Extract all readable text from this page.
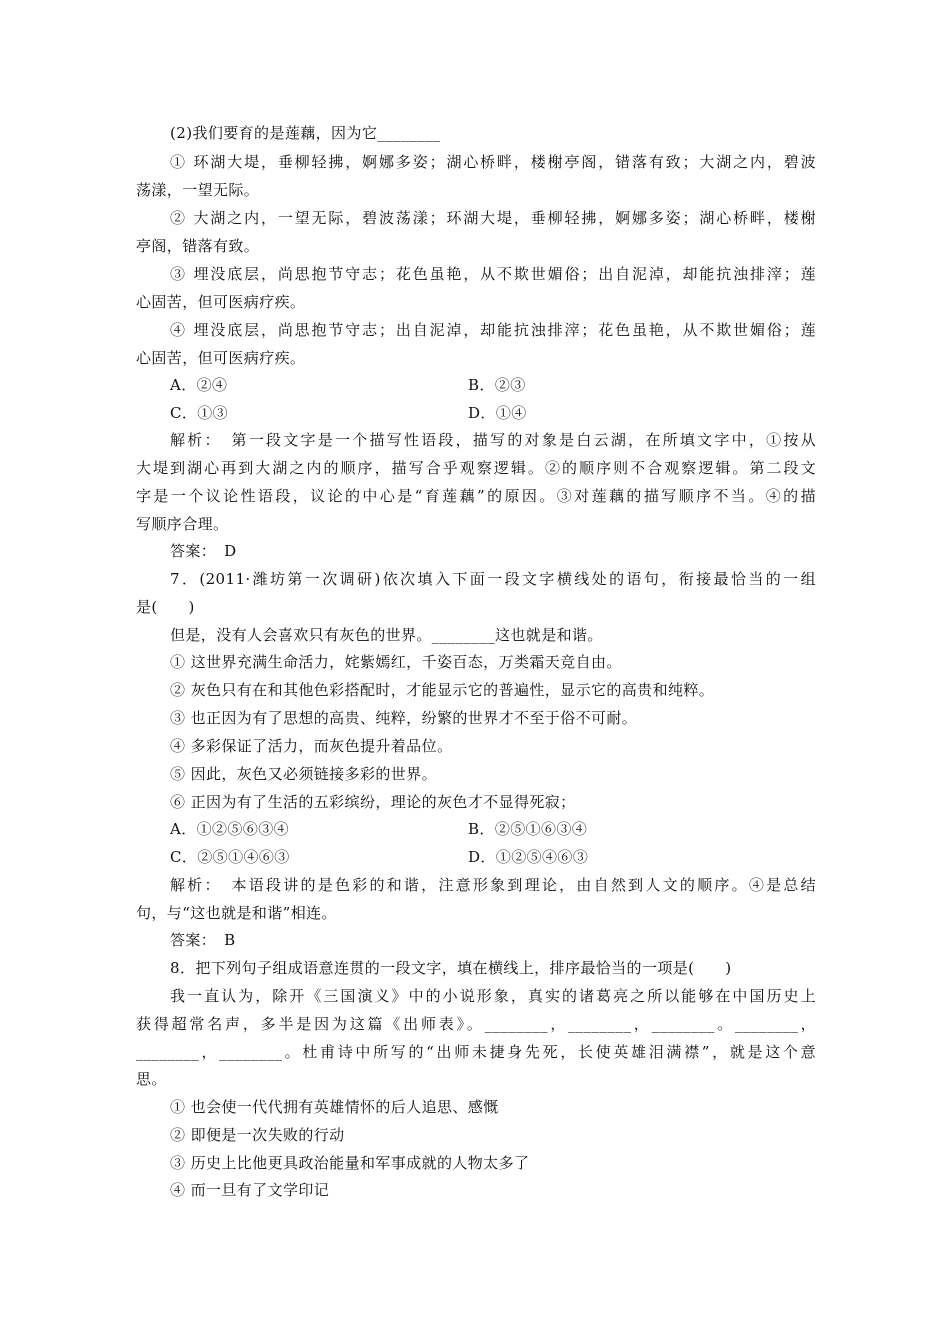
(2)我们要育的是莲藕，因为它________
① 环湖大堤，垂柳轻拂，婀娜多姿；湖心桥畔，楼榭亭阁，错落有致；大湖之内，碧波
荡漾，一望无际。
② 大湖之内，一望无际，碧波荡漾；环湖大堤，垂柳轻拂，婀娜多姿；湖心桥畔，楼榭
亭阁，错落有致。
③ 埋没底层，尚思抱节守志；花色虽艳，从不欺世媚俗；出自泥淖，却能抗浊排滓；莲
心固苦，但可医病疗疾。
④ 埋没底层，尚思抱节守志；出自泥淖，却能抗浊排滓；花色虽艳，从不欺世媚俗；莲
心固苦，但可医病疗疾。
A．②④	B．②③
C．①③	D．①④
解析：　第一段文字是一个描写性语段，描写的对象是白云湖，在所填文字中，①按从
大堤到湖心再到大湖之内的顺序，描写合乎观察逻辑。②的顺序则不合观察逻辑。第二段文
字是一个议论性语段，议论的中心是“育莲藕”的原因。③对莲藕的描写顺序不当。④的描
写顺序合理。
答案：　D
7．(2011·潍坊第一次调研)依次填入下面一段文字横线处的语句，衔接最恰当的一组
是(　　)
但是，没有人会喜欢只有灰色的世界。________这也就是和谐。
① 这世界充满生命活力，姹紫嫣红，千姿百态，万类霜天竞自由。
② 灰色只有在和其他色彩搭配时，才能显示它的普遍性，显示它的高贵和纯粹。
③ 也正因为有了思想的高贵、纯粹，纷繁的世界才不至于俗不可耐。
④ 多彩保证了活力，而灰色提升着品位。
⑤ 因此，灰色又必须链接多彩的世界。
⑥ 正因为有了生活的五彩缤纷，理论的灰色才不显得死寂；
A．①②⑤⑥③④	B．②⑤①⑥③④
C．②⑤①④⑥③	D．①②⑤④⑥③
解析：　本语段讲的是色彩的和谐，注意形象到理论，由自然到人文的顺序。④是总结
句，与“这也就是和谐”相连。
答案：　B
8．把下列句子组成语意连贯的一段文字，填在横线上，排序最恰当的一项是(　　)
我一直认为，除开《三国演义》中的小说形象，真实的诸葛亮之所以能够在中国历史上
获得超常名声，多半是因为这篇《出师表》。________，________，________。________，
________，________。杜甫诗中所写的“出师未捷身先死，长使英雄泪满襟”，就是这个意
思。
① 也会使一代代拥有英雄情怀的后人追思、感慨
② 即便是一次失败的行动
③ 历史上比他更具政治能量和军事成就的人物太多了
④ 而一旦有了文学印记
